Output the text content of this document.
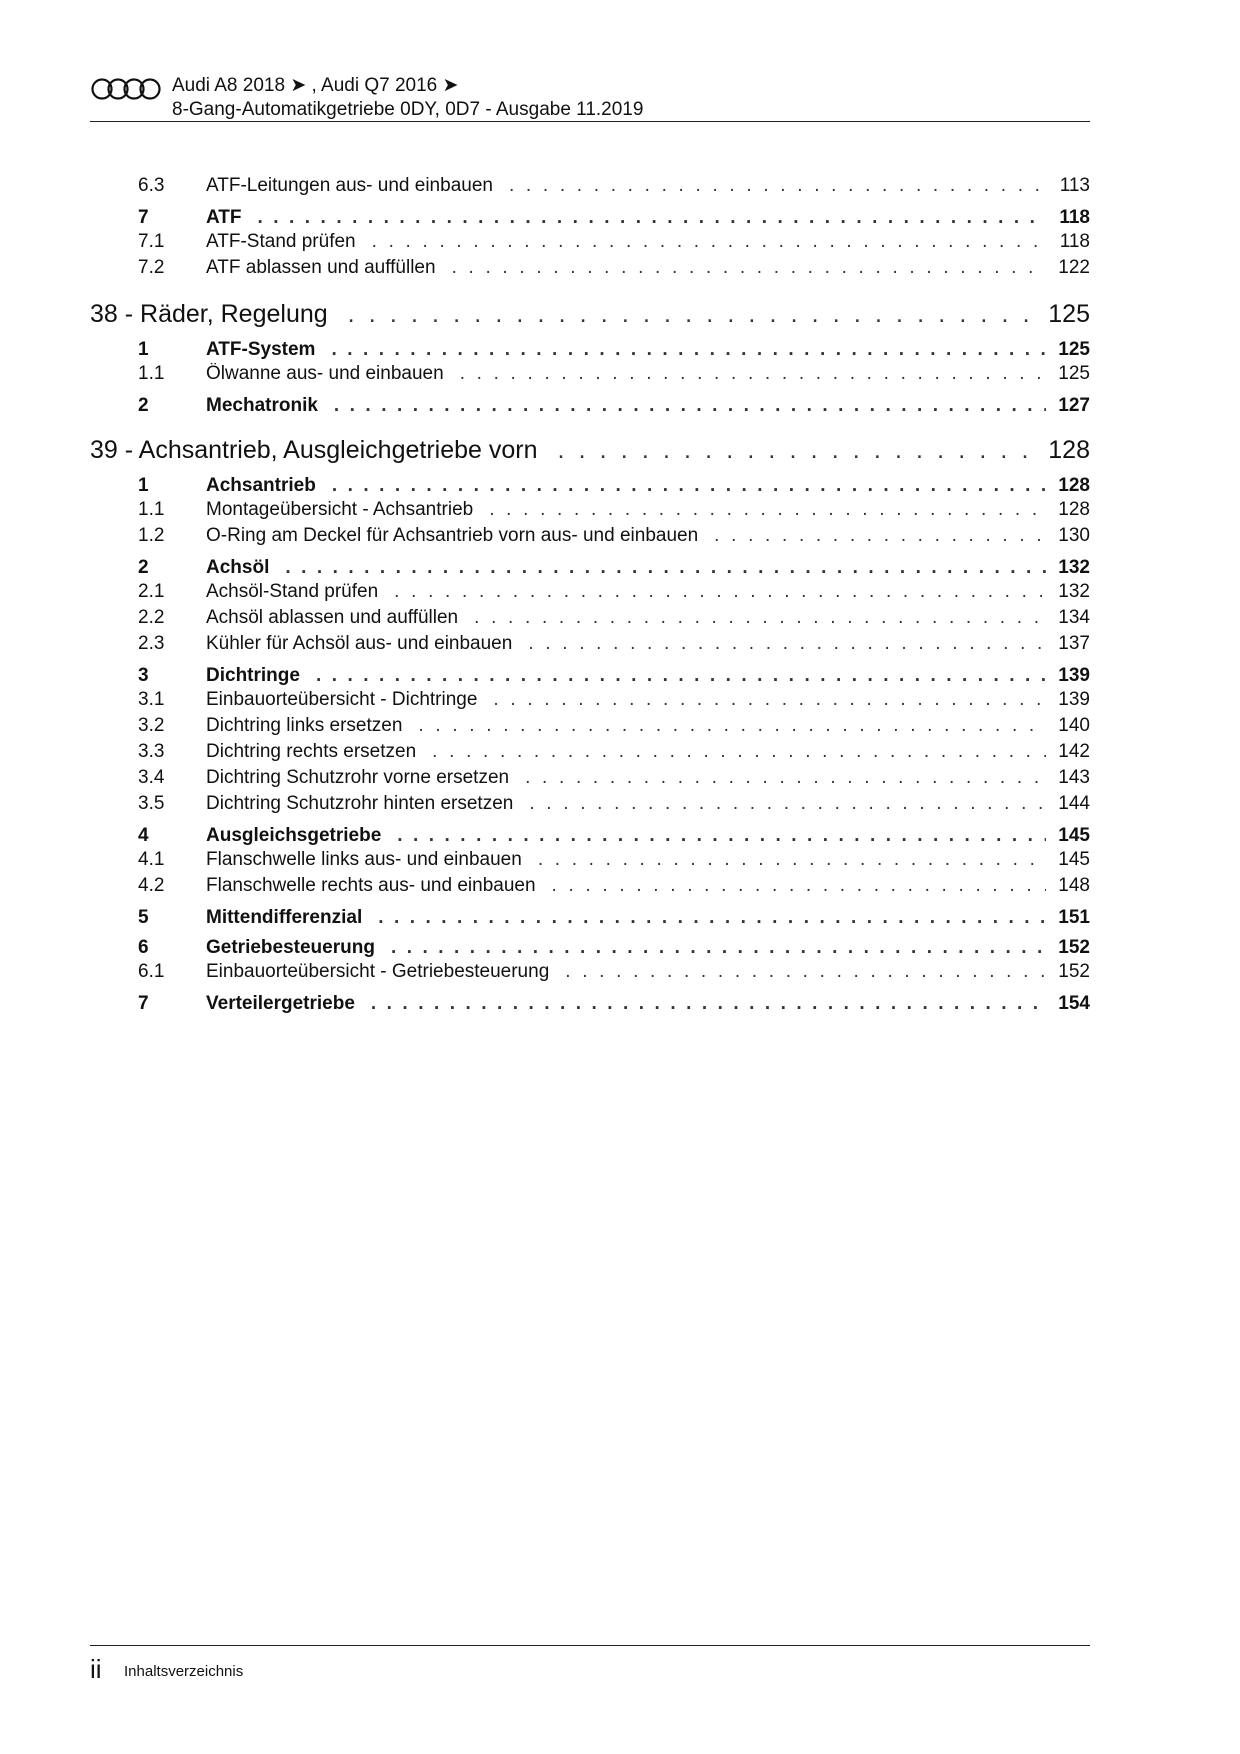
Audi A8 2018 ➤ , Audi Q7 2016 ➤
8-Gang-Automatikgetriebe 0DY, 0D7 - Ausgabe 11.2019
6.3	ATF-Leitungen aus- und einbauen . . .	113
7	ATF . . .	118
7.1	ATF-Stand prüfen . . .	118
7.2	ATF ablassen und auffüllen . . .	122
38 - Räder, Regelung . . .	125
1	ATF-System . . .	125
1.1	Ölwanne aus- und einbauen . . .	125
2	Mechatronik . . .	127
39 - Achsantrieb, Ausgleichgetriebe vorn . . .	128
1	Achsantrieb . . .	128
1.1	Montageübersicht - Achsantrieb . . .	128
1.2	O-Ring am Deckel für Achsantrieb vorn aus- und einbauen . . .	130
2	Achsöl . . .	132
2.1	Achsöl-Stand prüfen . . .	132
2.2	Achsöl ablassen und auffüllen . . .	134
2.3	Kühler für Achsöl aus- und einbauen . . .	137
3	Dichtringe . . .	139
3.1	Einbauorteübersicht - Dichtringe . . .	139
3.2	Dichtring links ersetzen . . .	140
3.3	Dichtring rechts ersetzen . . .	142
3.4	Dichtring Schutzrohr vorne ersetzen . . .	143
3.5	Dichtring Schutzrohr hinten ersetzen . . .	144
4	Ausgleichsgetriebe . . .	145
4.1	Flanschwelle links aus- und einbauen . . .	145
4.2	Flanschwelle rechts aus- und einbauen . . .	148
5	Mittendifferenzial . . .	151
6	Getriebesteuerung . . .	152
6.1	Einbauorteübersicht - Getriebesteuerung . . .	152
7	Verteilergetriebe . . .	154
ii Inhaltsverzeichnis
